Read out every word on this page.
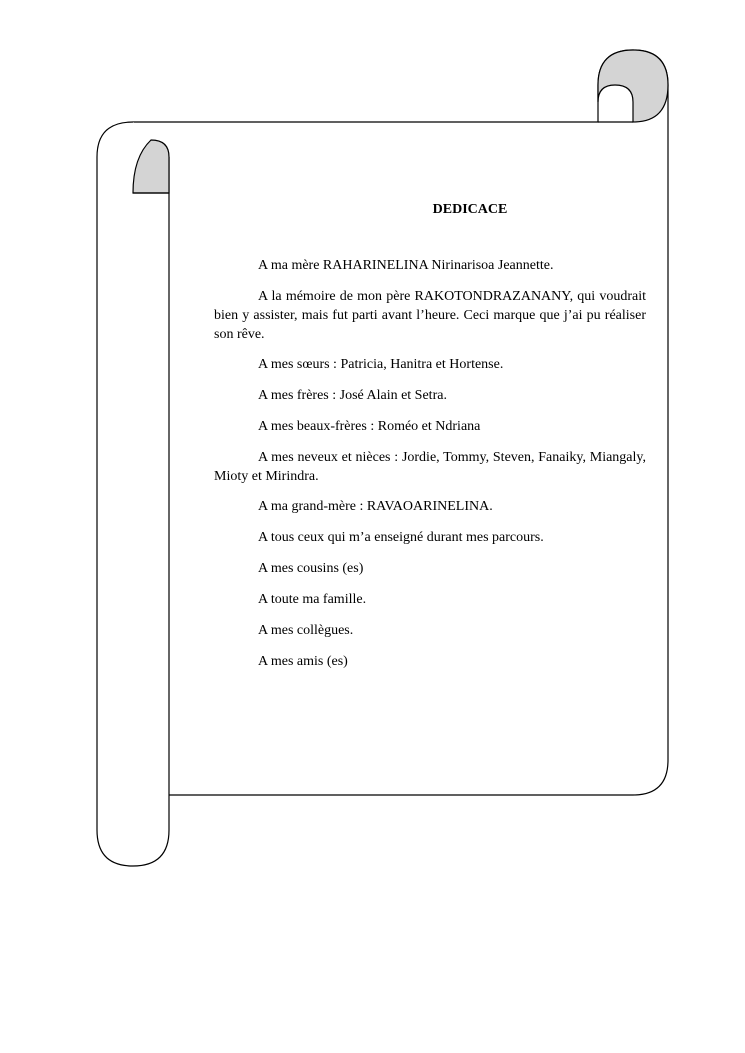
DEDICACE

A ma mère RAHARINELINA Nirinarisoa Jeannette.

A la mémoire de mon père RAKOTONDRAZANANY, qui voudrait bien y assister, mais fut parti avant l’heure. Ceci marque que j’ai pu réaliser son rêve.

A mes sœurs : Patricia, Hanitra et Hortense.

A mes frères : José Alain et Setra.

A mes beaux-frères : Roméo et Ndriana

A mes neveux et nièces : Jordie, Tommy, Steven, Fanaiky, Miangaly, Mioty et Mirindra.

A ma grand-mère : RAVAOARINELINA.

A tous ceux qui m’a enseigné durant mes parcours.

A mes cousins (es)

A toute ma famille.

A mes collègues.

A mes amis (es)
